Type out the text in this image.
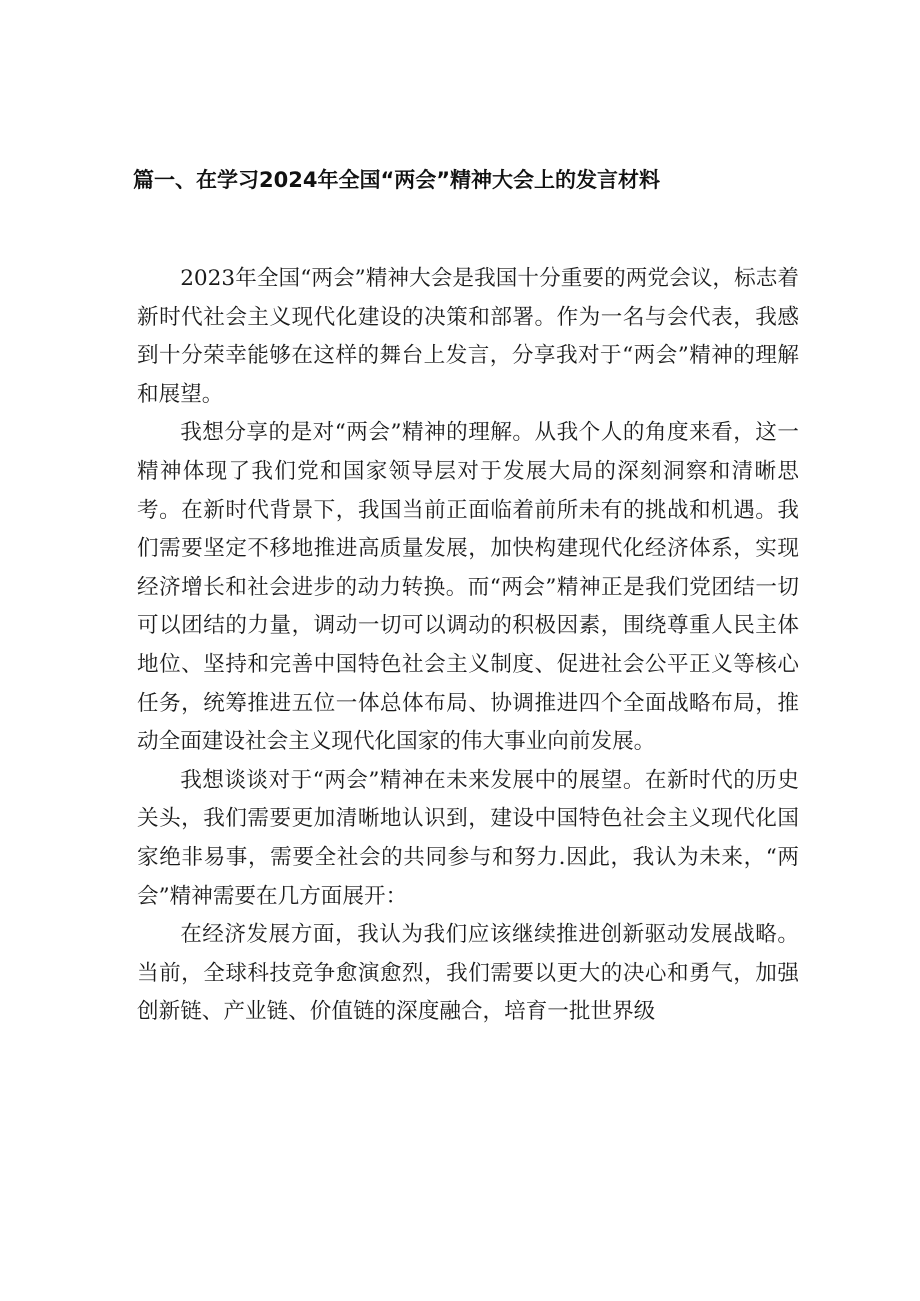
篇一、在学习2024年全国“两会”精神大会上的发言材料

2023年全国“两会”精神大会是我国十分重要的两党会议，标志着新时代社会主义现代化建设的决策和部署。作为一名与会代表，我感到十分荣幸能够在这样的舞台上发言，分享我对于“两会”精神的理解和展望。

我想分享的是对“两会”精神的理解。从我个人的角度来看，这一精神体现了我们党和国家领导层对于发展大局的深刻洞察和清晰思考。在新时代背景下，我国当前正面临着前所未有的挑战和机遇。我们需要坚定不移地推进高质量发展，加快构建现代化经济体系，实现经济增长和社会进步的动力转换。而“两会”精神正是我们党团结一切可以团结的力量，调动一切可以调动的积极因素，围绕尊重人民主体地位、坚持和完善中国特色社会主义制度、促进社会公平正义等核心任务，统筹推进五位一体总体布局、协调推进四个全面战略布局，推动全面建设社会主义现代化国家的伟大事业向前发展。

我想谈谈对于“两会”精神在未来发展中的展望。在新时代的历史关头，我们需要更加清晰地认识到，建设中国特色社会主义现代化国家绝非易事，需要全社会的共同参与和努力.因此，我认为未来，“两会”精神需要在几方面展开：

在经济发展方面，我认为我们应该继续推进创新驱动发展战略。当前，全球科技竞争愈演愈烈，我们需要以更大的决心和勇气，加强创新链、产业链、价值链的深度融合，培育一批世界级
